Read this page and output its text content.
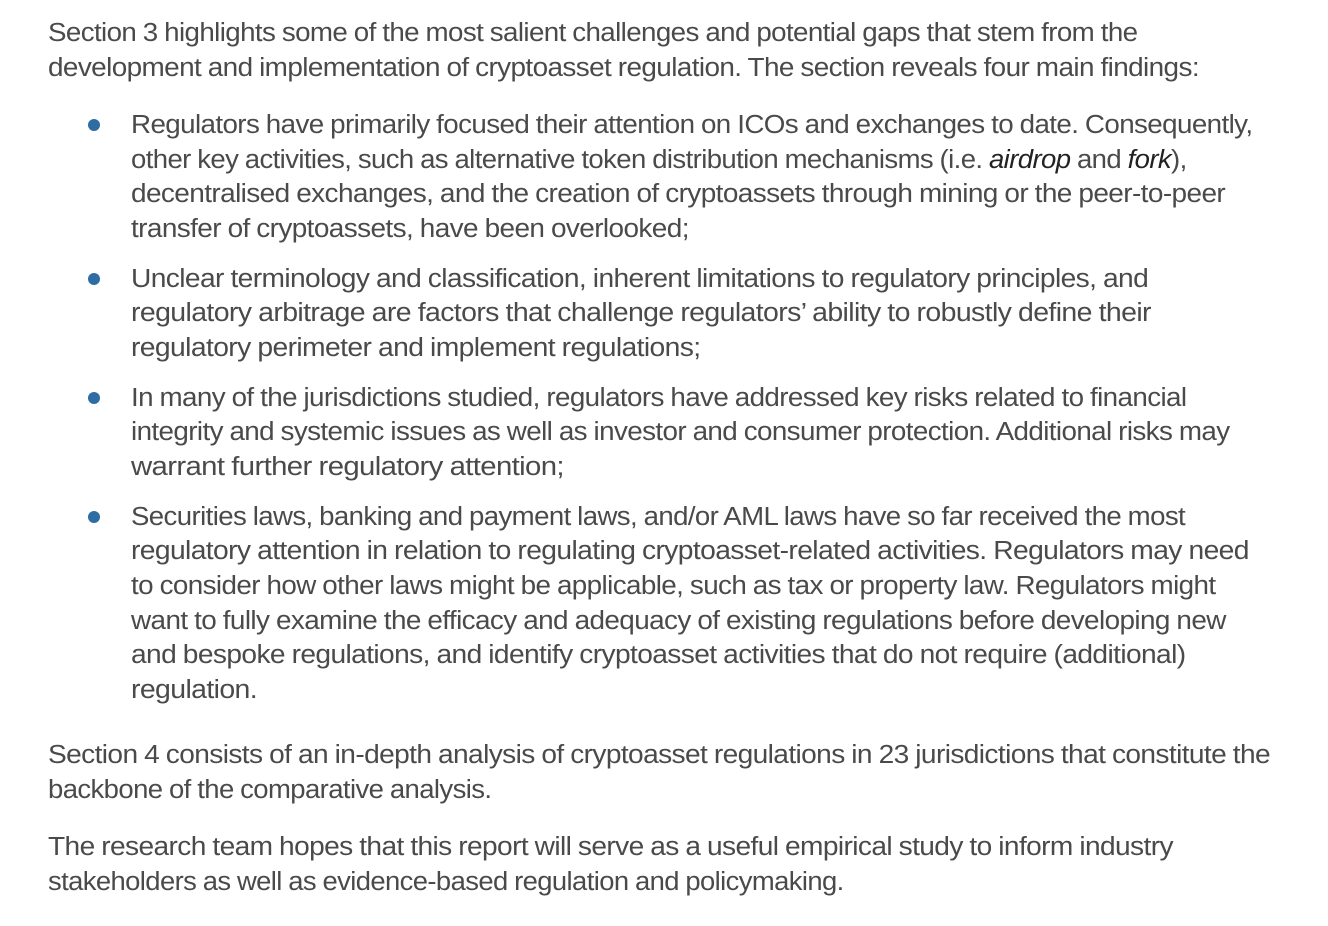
Section 3 highlights some of the most salient challenges and potential gaps that stem from the
development and implementation of cryptoasset regulation. The section reveals four main findings:
Regulators have primarily focused their attention on ICOs and exchanges to date. Consequently,
other key activities, such as alternative token distribution mechanisms (i.e. airdrop and fork),
decentralised exchanges, and the creation of cryptoassets through mining or the peer-to-peer
transfer of cryptoassets, have been overlooked;
Unclear terminology and classification, inherent limitations to regulatory principles, and
regulatory arbitrage are factors that challenge regulators’ ability to robustly define their
regulatory perimeter and implement regulations;
In many of the jurisdictions studied, regulators have addressed key risks related to financial
integrity and systemic issues as well as investor and consumer protection. Additional risks may
warrant further regulatory attention;
Securities laws, banking and payment laws, and/or AML laws have so far received the most
regulatory attention in relation to regulating cryptoasset-related activities. Regulators may need
to consider how other laws might be applicable, such as tax or property law. Regulators might
want to fully examine the efficacy and adequacy of existing regulations before developing new
and bespoke regulations, and identify cryptoasset activities that do not require (additional)
regulation.
Section 4 consists of an in-depth analysis of cryptoasset regulations in 23 jurisdictions that constitute the
backbone of the comparative analysis.
The research team hopes that this report will serve as a useful empirical study to inform industry
stakeholders as well as evidence-based regulation and policymaking.
